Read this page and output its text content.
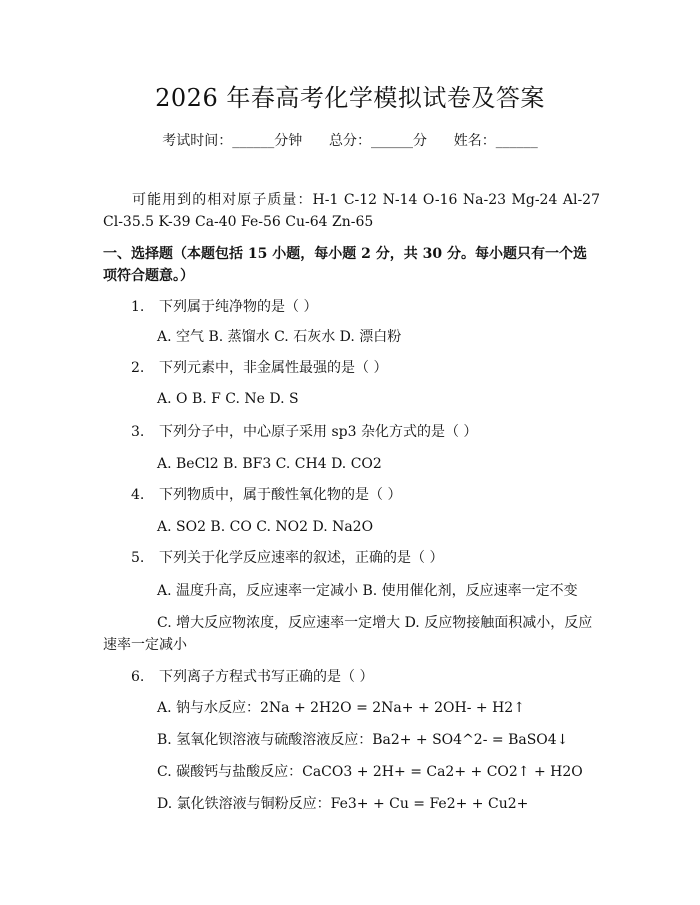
2026 年春高考化学模拟试卷及答案
考试时间：______分钟      总分：______分      姓名：______
可能用到的相对原子质量：H-1 C-12 N-14 O-16 Na-23 Mg-24 Al-27 Cl-35.5 K-39 Ca-40 Fe-56 Cu-64 Zn-65
一、选择题（本题包括 15 小题，每小题 2 分，共 30 分。每小题只有一个选项符合题意。）
1. 下列属于纯净物的是（ ）
A. 空气 B. 蒸馏水 C. 石灰水 D. 漂白粉
2. 下列元素中，非金属性最强的是（ ）
A. O B. F C. Ne D. S
3. 下列分子中，中心原子采用 sp3 杂化方式的是（ ）
A. BeCl2 B. BF3 C. CH4 D. CO2
4. 下列物质中，属于酸性氧化物的是（ ）
A. SO2 B. CO C. NO2 D. Na2O
5. 下列关于化学反应速率的叙述，正确的是（ ）
A. 温度升高，反应速率一定减小 B. 使用催化剂，反应速率一定不变
C. 增大反应物浓度，反应速率一定增大 D. 反应物接触面积减小，反应速率一定减小
6. 下列离子方程式书写正确的是（ ）
A. 钠与水反应：2Na + 2H2O = 2Na+ + 2OH- + H2↑
B. 氢氧化钡溶液与硫酸溶液反应：Ba2+ + SO4^2- = BaSO4↓
C. 碳酸钙与盐酸反应：CaCO3 + 2H+ = Ca2+ + CO2↑ + H2O
D. 氯化铁溶液与铜粉反应：Fe3+ + Cu = Fe2+ + Cu2+
